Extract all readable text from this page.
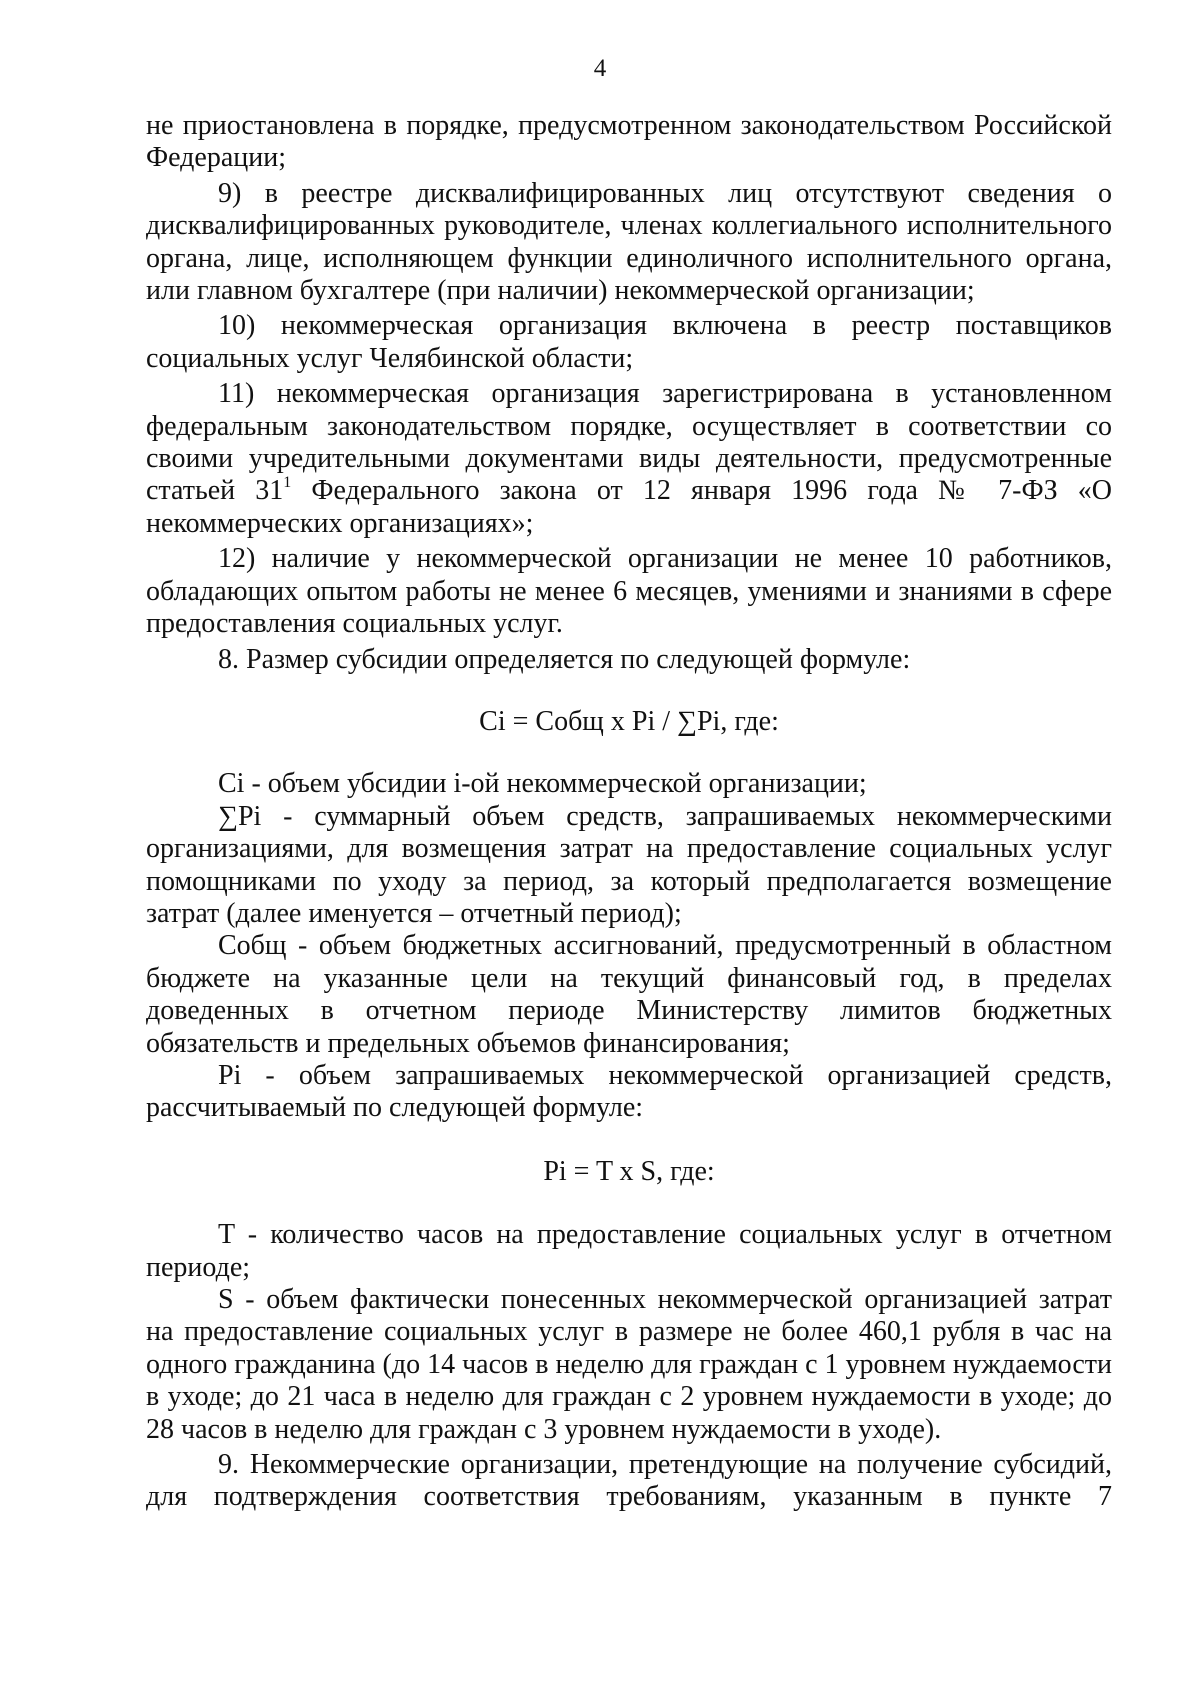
4

не приостановлена в порядке, предусмотренном законодательством Российской Федерации;

9) в реестре дисквалифицированных лиц отсутствуют сведения о дисквалифицированных руководителе, членах коллегиального исполнительного органа, лице, исполняющем функции единоличного исполнительного органа, или главном бухгалтере (при наличии) некоммерческой организации;

10) некоммерческая организация включена в реестр поставщиков социальных услуг Челябинской области;

11) некоммерческая организация зарегистрирована в установленном федеральным законодательством порядке, осуществляет в соответствии со своими учредительными документами виды деятельности, предусмотренные статьей $31^1$ Федерального закона от 12 января 1996 года № 7-ФЗ «О некоммерческих организациях»;

12) наличие у некоммерческой организации не менее 10 работников, обладающих опытом работы не менее 6 месяцев, умениями и знаниями в сфере предоставления социальных услуг.

8. Размер субсидии определяется по следующей формуле:

Ci = Собщ x Pi / ∑Pi, где:

Ci - объем убсидии i-ой некоммерческой организации;

∑Pi - суммарный объем средств, запрашиваемых некоммерческими организациями, для возмещения затрат на предоставление социальных услуг помощниками по уходу за период, за который предполагается возмещение затрат (далее именуется – отчетный период);

Собщ - объем бюджетных ассигнований, предусмотренный в областном бюджете на указанные цели на текущий финансовый год, в пределах доведенных в отчетном периоде Министерству лимитов бюджетных обязательств и предельных объемов финансирования;

Pi - объем запрашиваемых некоммерческой организацией средств, рассчитываемый по следующей формуле:

Pi = T x S, где:

T - количество часов на предоставление социальных услуг в отчетном периоде;

S - объем фактически понесенных некоммерческой организацией затрат на предоставление социальных услуг в размере не более 460,1 рубля в час на одного гражданина (до 14 часов в неделю для граждан с 1 уровнем нуждаемости в уходе; до 21 часа в неделю для граждан с 2 уровнем нуждаемости в уходе; до 28 часов в неделю для граждан с 3 уровнем нуждаемости в уходе).

9. Некоммерческие организации, претендующие на получение субсидий, для подтверждения соответствия требованиям, указанным в пункте 7
